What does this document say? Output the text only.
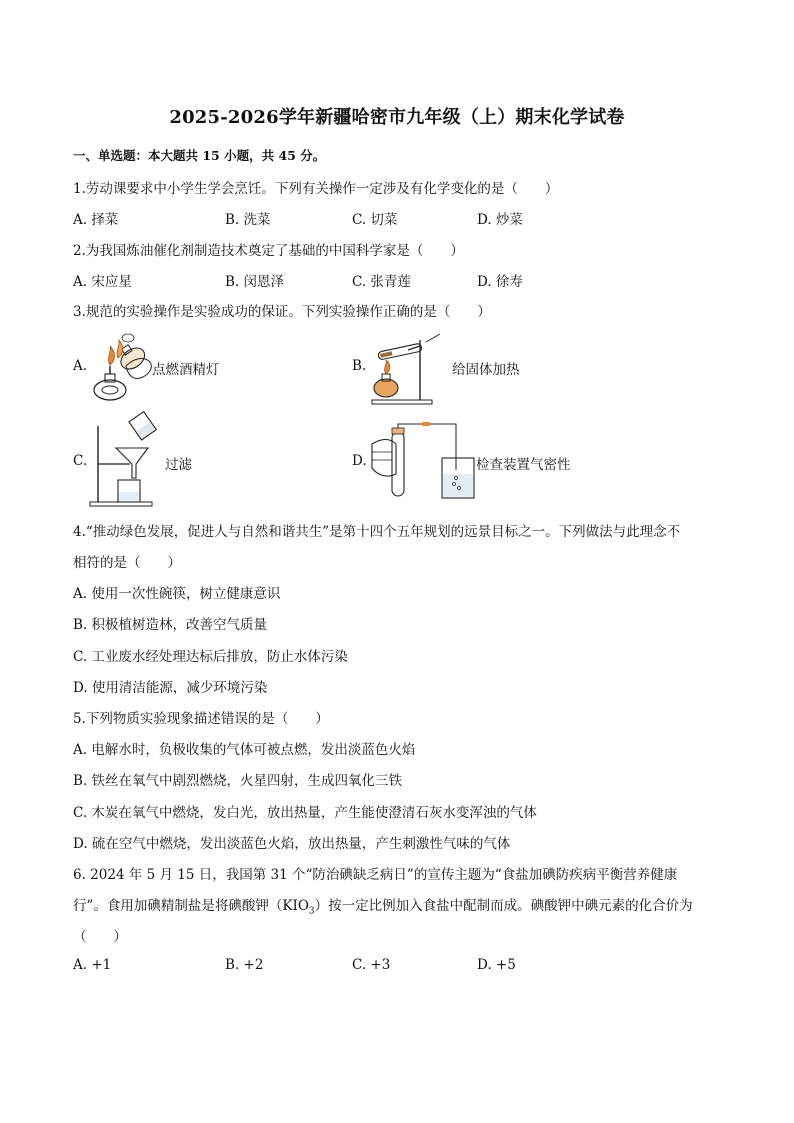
2025-2026学年新疆哈密市九年级（上）期末化学试卷
一、单选题：本大题共 15 小题，共 45 分。
1.劳动课要求中小学生学会烹饪。下列有关操作一定涉及有化学变化的是（　　）
A. 择菜	B. 洗菜	C. 切菜	D. 炒菜
2.为我国炼油催化剂制造技术奠定了基础的中国科学家是（　　）
A. 宋应星	B. 闵恩泽	C. 张青莲	D. 徐寿
3.规范的实验操作是实验成功的保证。下列实验操作正确的是（　　）
A.	点燃酒精灯	B.	给固体加热
C.	过滤	D.	检查装置气密性
4.“推动绿色发展，促进人与自然和谐共生”是第十四个五年规划的远景目标之一。下列做法与此理念不
相符的是（　　）
A. 使用一次性碗筷，树立健康意识
B. 积极植树造林，改善空气质量
C. 工业废水经处理达标后排放，防止水体污染
D. 使用清洁能源，减少环境污染
5.下列物质实验现象描述错误的是（　　）
A. 电解水时，负极收集的气体可被点燃，发出淡蓝色火焰
B. 铁丝在氧气中剧烈燃烧，火星四射，生成四氧化三铁
C. 木炭在氧气中燃烧，发白光，放出热量，产生能使澄清石灰水变浑浊的气体
D. 硫在空气中燃烧，发出淡蓝色火焰，放出热量，产生刺激性气味的气体
6. 2024 年 5 月 15 日，我国第 31 个“防治碘缺乏病日”的宣传主题为“食盐加碘防疾病平衡营养健康
行”。食用加碘精制盐是将碘酸钾$(KIO_3)$按一定比例加入食盐中配制而成。碘酸钾中碘元素的化合价为
（　　）
A. +1	B. +2	C. +3	D. +5
